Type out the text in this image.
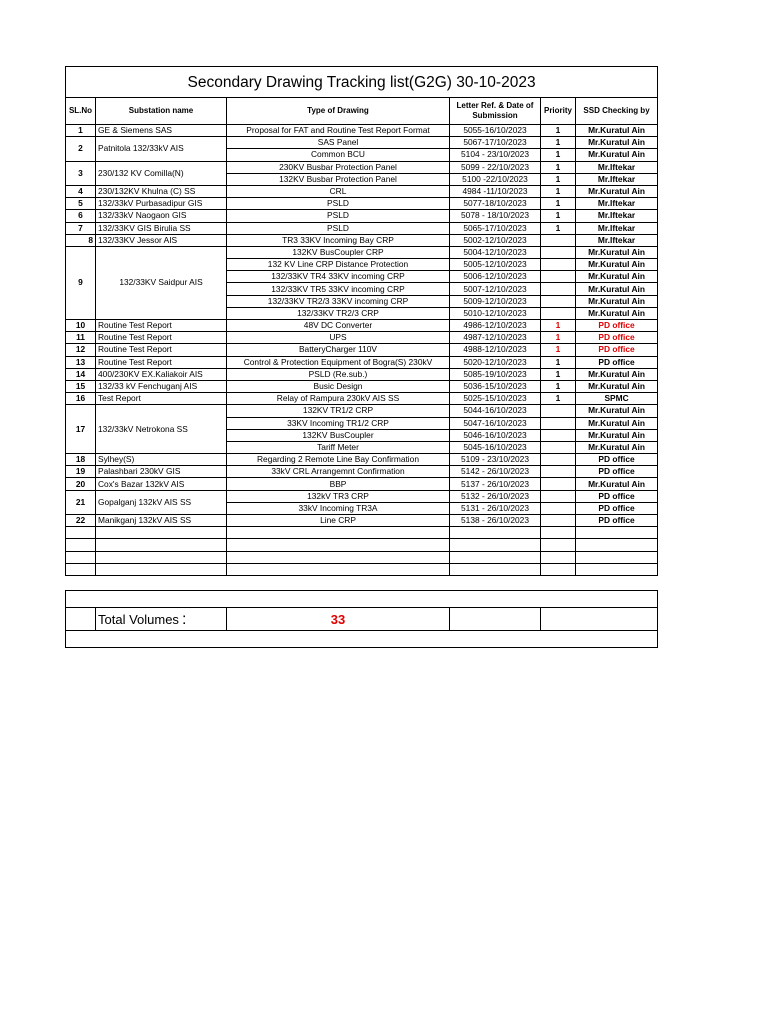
Secondary Drawing Tracking list(G2G) 30-10-2023					
SL.No	Substation name	Type of Drawing	Letter Ref. & Date of Submission	Priority	SSD Checking by
1	GE & Siemens SAS	Proposal for FAT and Routine Test Report Format	5055-16/10/2023	1	Mr.Kuratul Ain
2	Patnitola 132/33kV AIS	SAS Panel	5067-17/10/2023	1	Mr.Kuratul Ain
		Common BCU	5104 - 23/10/2023	1	Mr.Kuratul Ain
3	230/132 KV Comilla(N)	230KV Busbar Protection Panel	5099 - 22/10/2023	1	Mr.Iftekar
		132KV Busbar Protection Panel	5100 -22/10/2023	1	Mr.Iftekar
4	230/132KV Khulna (C) SS	CRL	4984 -11/10/2023	1	Mr.Kuratul Ain
5	132/33kV Purbasadipur GIS	PSLD	5077-18/10/2023	1	Mr.Iftekar
6	132/33kV Naogaon GIS	PSLD	5078 - 18/10/2023	1	Mr.Iftekar
7	132/33KV GIS Birulia SS	PSLD	5065-17/10/2023	1	Mr.Iftekar
8	132/33KV Jessor AIS	TR3 33KV Incoming Bay CRP	5002-12/10/2023		Mr.Iftekar
9	132/33KV Saidpur AIS	132KV BusCoupler CRP	5004-12/10/2023		Mr.Kuratul Ain
		132 KV Line CRP Distance Protection	5005-12/10/2023		Mr.Kuratul Ain
		132/33KV TR4 33KV incoming CRP	5006-12/10/2023		Mr.Kuratul Ain
		132/33KV TR5 33KV incoming CRP	5007-12/10/2023		Mr.Kuratul Ain
		132/33KV TR2/3 33KV incoming CRP	5009-12/10/2023		Mr.Kuratul Ain
		132/33KV TR2/3 CRP	5010-12/10/2023		Mr.Kuratul Ain
10	Routine Test Report	48V DC Converter	4986-12/10/2023	1	PD office
11	Routine Test Report	UPS	4987-12/10/2023	1	PD office
12	Routine Test Report	BatteryCharger 110V	4988-12/10/2023	1	PD office
13	Routine Test Report	Control & Protection Equipment of Bogra(S) 230kV	5020-12/10/2023	1	PD office
14	400/230KV EX.Kaliakoir AIS	PSLD (Re.sub.)	5085-19/10/2023	1	Mr.Kuratul Ain
15	132/33 kV Fenchuganj AIS	Busic Design	5036-15/10/2023	1	Mr.Kuratul Ain
16	Test Report	Relay of Rampura 230kV AIS SS	5025-15/10/2023	1	SPMC
17	132/33kV Netrokona SS	132KV TR1/2 CRP	5044-16/10/2023		Mr.Kuratul Ain
		33KV Incoming TR1/2 CRP	5047-16/10/2023		Mr.Kuratul Ain
		132KV BusCoupler	5046-16/10/2023		Mr.Kuratul Ain
		Tariff Meter	5045-16/10/2023		Mr.Kuratul Ain
18	Sylhey(S)	Regarding 2 Remote Line Bay Confirmation	5109 - 23/10/2023		PD office
19	Palashbari 230kV GIS	33kV CRL Arrangemnt Confirmation	5142 - 26/10/2023		PD office
20	Cox's Bazar 132kV AIS	BBP	5137 - 26/10/2023		Mr.Kuratul Ain
21	Gopalganj 132kV AIS SS	132kV TR3 CRP	5132 - 26/10/2023		PD office
		33kV Incoming TR3A	5131 - 26/10/2023		PD office
22	Manikganj 132kV AIS SS	Line CRP	5138 - 26/10/2023		PD office

	Total Volumes :	33		
